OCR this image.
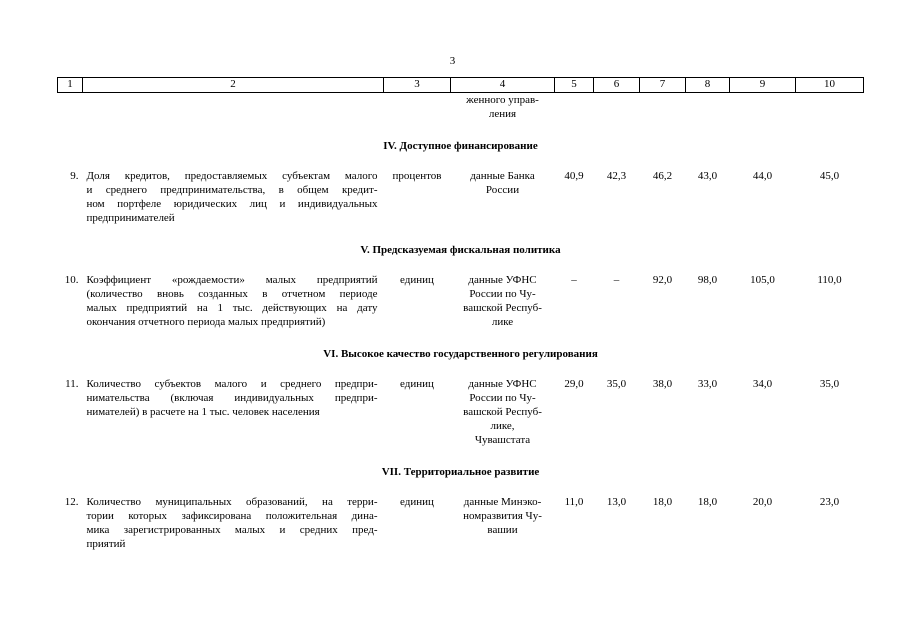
3
1	2	3	4	5	6	7	8	9	10

			женного управ-
ления						

IV. Доступное финансирование									
9.	Доля кредитов, предоставляемых субъектам малого
и среднего предпринимательства, в общем кредит-
ном портфеле юридических лиц и индивидуальных
предпринимателей	процентов	данные Банка
России	40,9	42,3	46,2	43,0	44,0	45,0
V. Предсказуемая фискальная политика									
10.	Коэффициент «рождаемости» малых предприятий
(количество вновь созданных в отчетном периоде
малых предприятий на 1 тыс. действующих на дату
окончания отчетного периода малых предприятий)	единиц	данные УФНС
России по Чу-
вашской Респуб-
лике	–	–	92,0	98,0	105,0	110,0
VI. Высокое качество государственного регулирования									
11.	Количество субъектов малого и среднего предпри-
нимательства (включая индивидуальных предпри-
нимателей) в расчете на 1 тыс. человек населения	единиц	данные УФНС
России по Чу-
вашской Респуб-
лике,
Чувашстата	29,0	35,0	38,0	33,0	34,0	35,0
VII. Территориальное развитие									
12.	Количество муниципальных образований, на терри-
тории которых зафиксирована положительная дина-
мика зарегистрированных малых и средних пред-
приятий	единиц	данные Минэко-
номразвития Чу-
вашии	11,0	13,0	18,0	18,0	20,0	23,0
